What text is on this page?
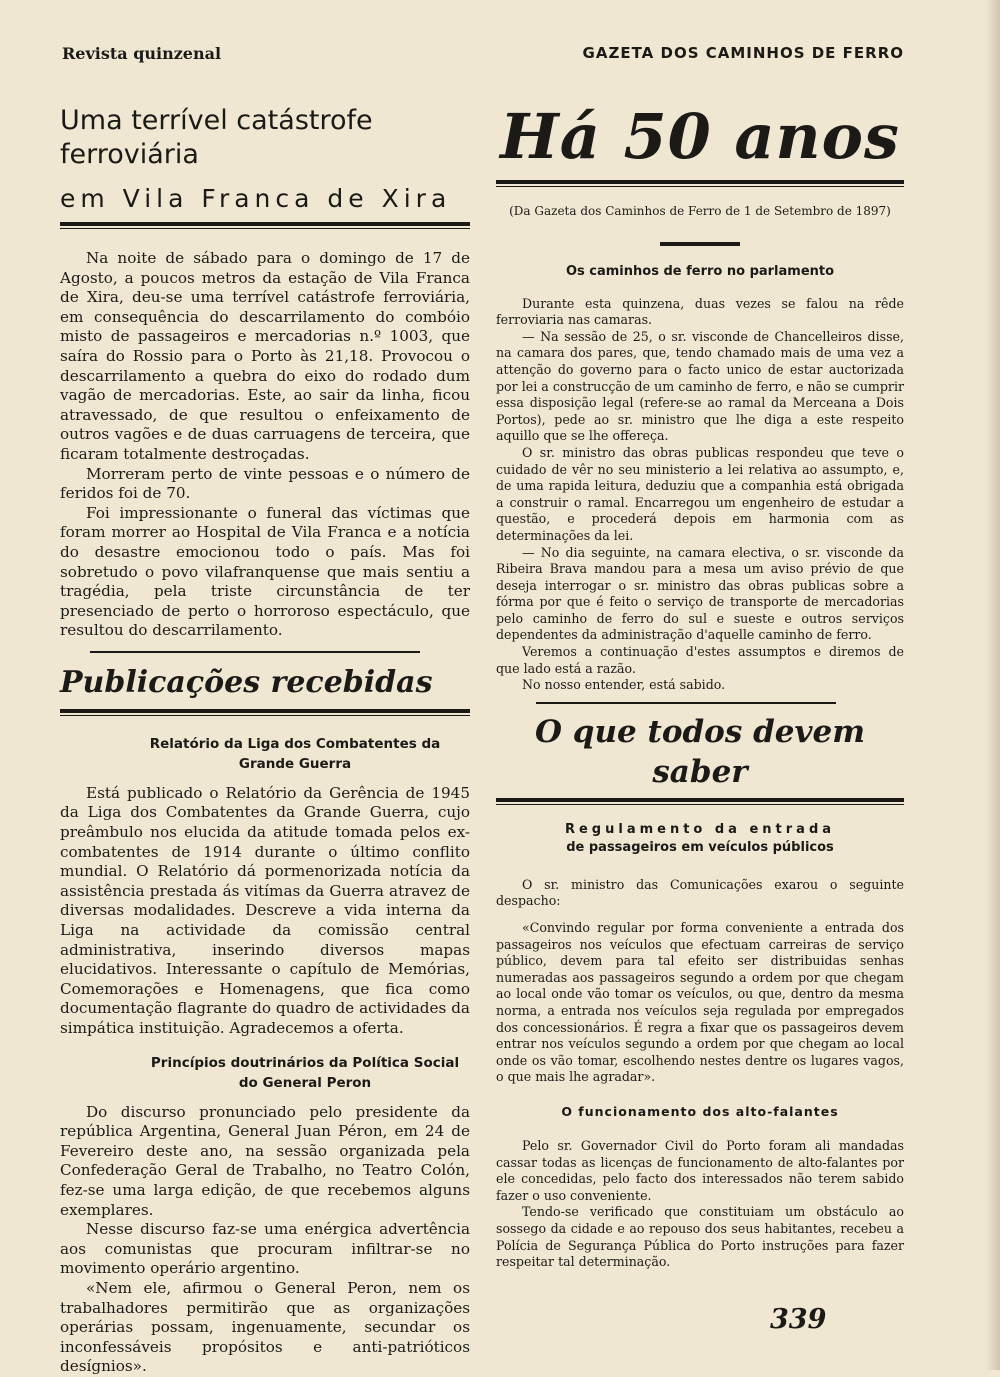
Revista quinzenal	GAZETA DOS CAMINHOS DE FERRO
Uma terrível catástrofe ferroviária
em Vila Franca de Xira

Na noite de sábado para o domingo de 17 de Agosto, a poucos metros da estação de Vila Franca de Xira, deu-se uma terrível catástrofe ferroviária, em consequência do descarrilamento do combóio misto de passageiros e mercadorias n.º 1003, que saíra do Rossio para o Porto às 21,18. Provocou o descarrilamento a quebra do eixo do rodado dum vagão de mercadorias. Este, ao sair da linha, ficou atravessado, de que resultou o enfeixamento de outros vagões e de duas carruagens de terceira, que ficaram totalmente destroçadas.

Morreram perto de vinte pessoas e o número de feridos foi de 70.

Foi impressionante o funeral das víctimas que foram morrer ao Hospital de Vila Franca e a notícia do desastre emocionou todo o país. Mas foi sobretudo o povo vilafranquense que mais sentiu a tragédia, pela triste circunstância de ter presenciado de perto o horroroso espectáculo, que resultou do descarrilamento.

Publicações recebidas

Relatório da Liga dos Combatentes da Grande Guerra

Está publicado o Relatório da Gerência de 1945 da Liga dos Combatentes da Grande Guerra, cujo preâmbulo nos elucida da atitude tomada pelos ex-combatentes de 1914 durante o último conflito mundial. O Relatório dá pormenorizada notícia da assistência prestada ás vitímas da Guerra atravez de diversas modalidades. Descreve a vida interna da Liga na actividade da comissão central administrativa, inserindo diversos mapas elucidativos. Interessante o capítulo de Memórias, Comemorações e Homenagens, que fica como documentação flagrante do quadro de actividades da simpática instituição. Agradecemos a oferta.

Princípios doutrinários da Política Social do General Peron

Do discurso pronunciado pelo presidente da república Argentina, General Juan Péron, em 24 de Fevereiro deste ano, na sessão organizada pela Confederação Geral de Trabalho, no Teatro Colón, fez-se uma larga edição, de que recebemos alguns exemplares.

Nesse discurso faz-se uma enérgica advertência aos comunistas que procuram infiltrar-se no movimento operário argentino.

«Nem ele, afirmou o General Peron, nem os trabalhadores permitirão que as organizações operárias possam, ingenuamente, secundar os inconfessáveis propósitos e anti-patrióticos desígnios».

Há 50 anos

(Da Gazeta dos Caminhos de Ferro de 1 de Setembro de 1897)

Os caminhos de ferro no parlamento

Durante esta quinzena, duas vezes se falou na rêde ferroviaria nas camaras.

— Na sessão de 25, o sr. visconde de Chancelleiros disse, na camara dos pares, que, tendo chamado mais de uma vez a attenção do governo para o facto unico de estar auctorizada por lei a construcção de um caminho de ferro, e não se cumprir essa disposição legal (refere-se ao ramal da Merceana a Dois Portos), pede ao sr. ministro que lhe diga a este respeito aquillo que se lhe offereça.

O sr. ministro das obras publicas respondeu que teve o cuidado de vêr no seu ministerio a lei relativa ao assumpto, e, de uma rapida leitura, deduziu que a companhia está obrigada a construir o ramal. Encarregou um engenheiro de estudar a questão, e procederá depois em harmonia com as determinações da lei.

— No dia seguinte, na camara electiva, o sr. visconde da Ribeira Brava mandou para a mesa um aviso prévio de que deseja interrogar o sr. ministro das obras publicas sobre a fórma por que é feito o serviço de transporte de mercadorias pelo caminho de ferro do sul e sueste e outros serviços dependentes da administração d'aquelle caminho de ferro.

Veremos a continuação d'estes assumptos e diremos de que lado está a razão.

No nosso entender, está sabido.

O que todos devem saber

Regulamento da entrada

de passageiros em veículos públicos

O sr. ministro das Comunicações exarou o seguinte despacho:

«Convindo regular por forma conveniente a entrada dos passageiros nos veículos que efectuam carreiras de serviço público, devem para tal efeito ser distribuidas senhas numeradas aos passageiros segundo a ordem por que chegam ao local onde vão tomar os veículos, ou que, dentro da mesma norma, a entrada nos veículos seja regulada por empregados dos concessionários. É regra a fixar que os passageiros devem entrar nos veículos segundo a ordem por que chegam ao local onde os vão tomar, escolhendo nestes dentre os lugares vagos, o que mais lhe agradar».

O funcionamento dos alto-falantes

Pelo sr. Governador Civil do Porto foram ali mandadas cassar todas as licenças de funcionamento de alto-falantes por ele concedidas, pelo facto dos interessados não terem sabido fazer o uso conveniente.

Tendo-se verificado que constituiam um obstáculo ao sossego da cidade e ao repouso dos seus habitantes, recebeu a Polícia de Segurança Pública do Porto instruções para fazer respeitar tal determinação.

339
